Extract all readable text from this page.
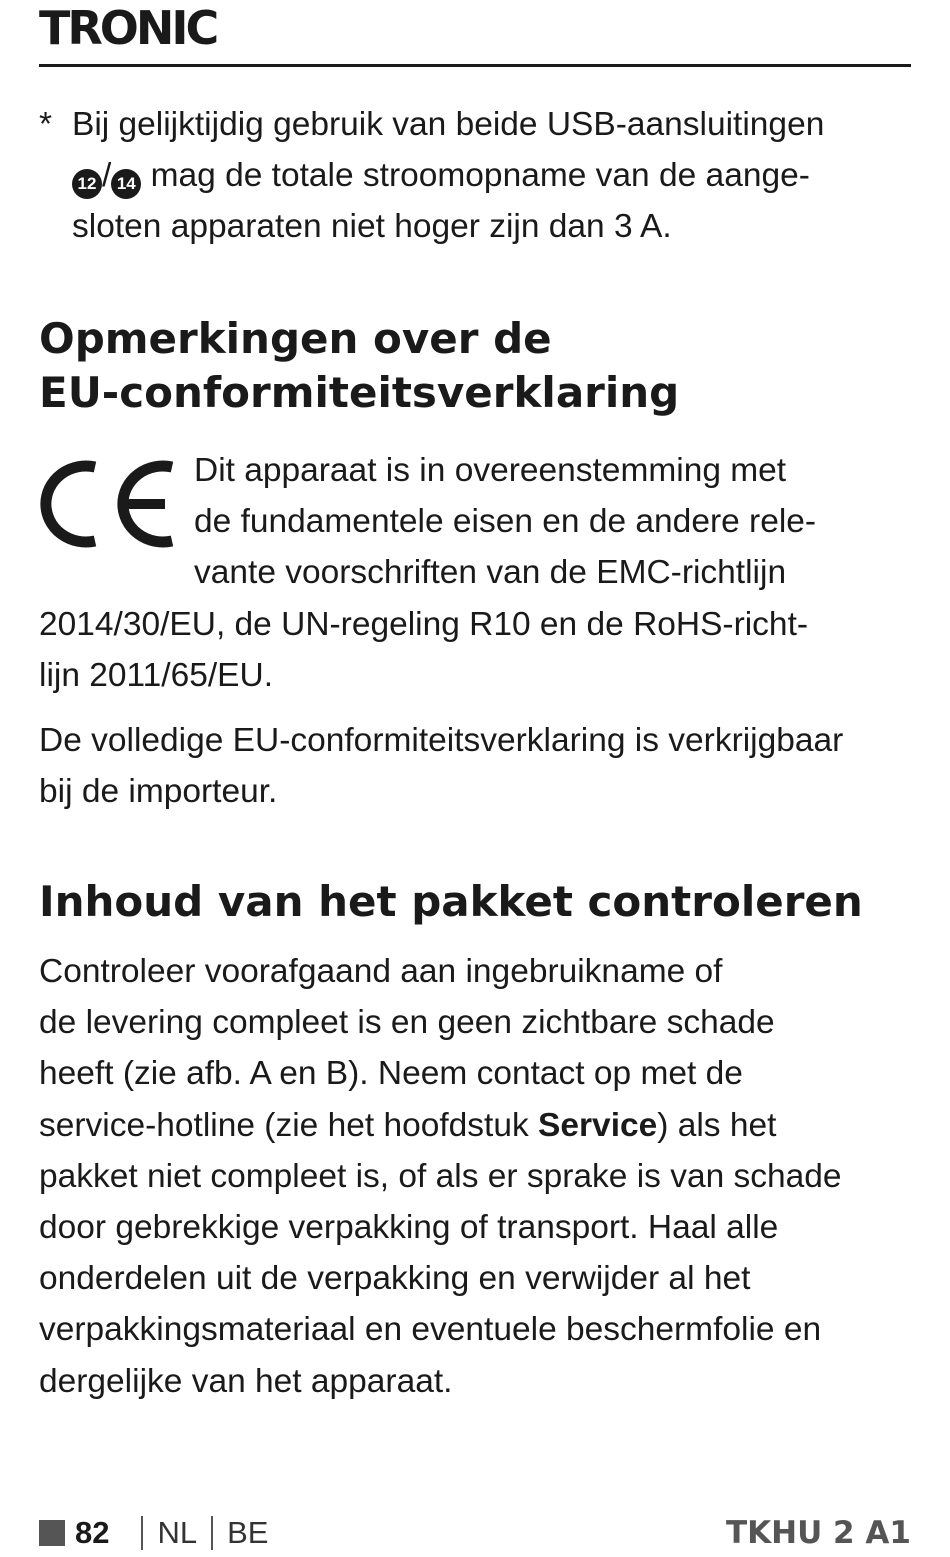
TRONIC
* Bij gelijktijdig gebruik van beide USB-aansluitingen
12 / 14 mag de totale stroomopname van de aange-
sloten apparaten niet hoger zijn dan 3 A.
Opmerkingen over de
EU-conformiteitsverklaring
Dit apparaat is in overeenstemming met
de fundamentele eisen en de andere rele-
vante voorschriften van de EMC-richtlijn
2014/30/EU, de UN-regeling R10 en de RoHS-richt-
lijn 2011/65/EU.
De volledige EU-conformiteitsverklaring is verkrijgbaar
bij de importeur.
Inhoud van het pakket controleren
Controleer voorafgaand aan ingebruikname of
de levering compleet is en geen zichtbare schade
heeft (zie afb. A en B). Neem contact op met de
service-hotline (zie het hoofdstuk Service) als het
pakket niet compleet is, of als er sprake is van schade
door gebrekkige verpakking of transport. Haal alle
onderdelen uit de verpakking en verwijder al het
verpakkingsmateriaal en eventuele beschermfolie en
dergelijke van het apparaat.
82 NL BE	TKHU 2 A1
